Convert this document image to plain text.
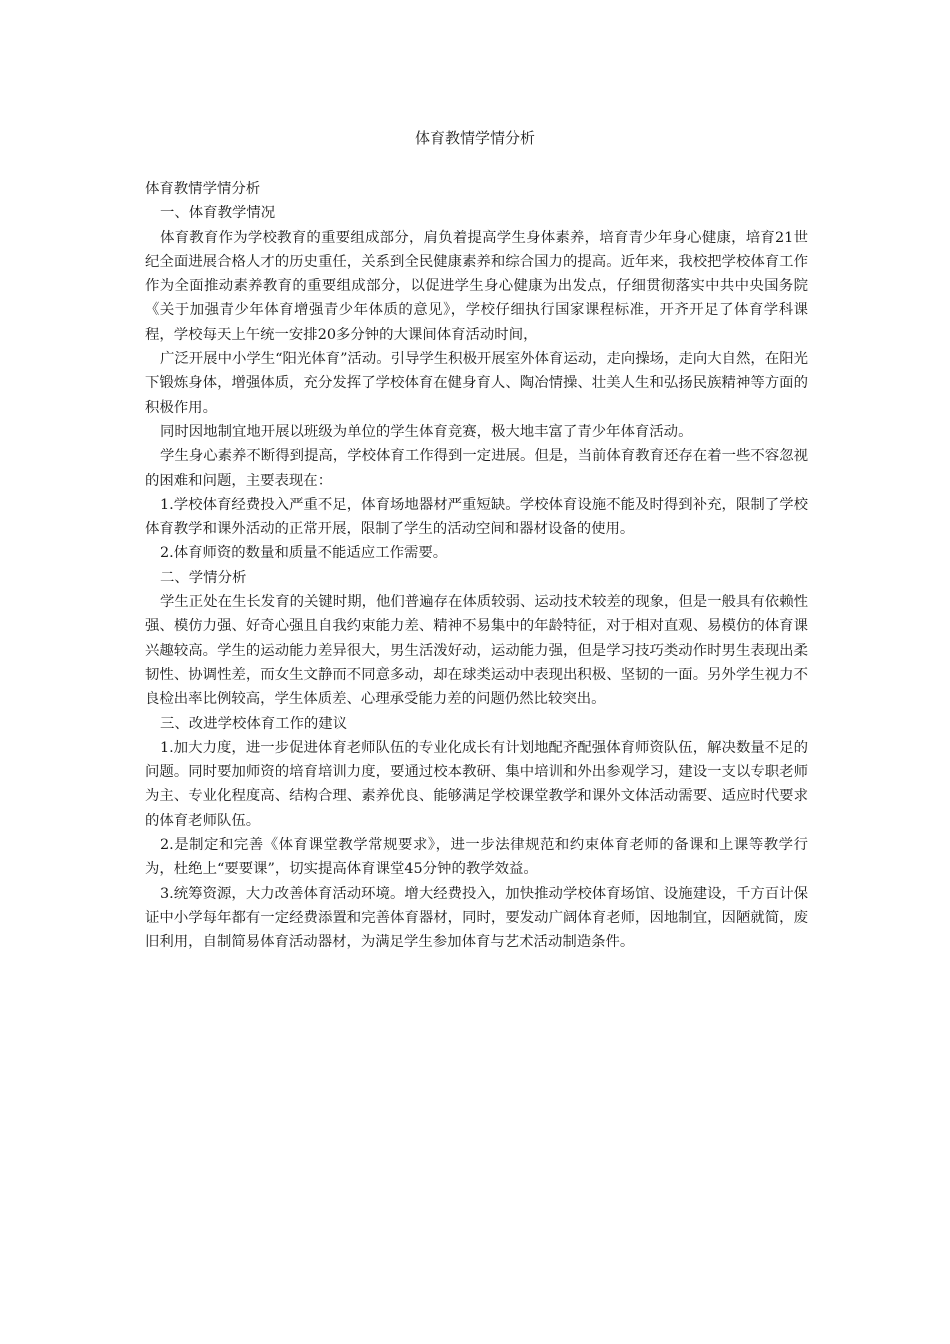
体育教情学情分析

体育教情学情分析

一、体育教学情况

体育教育作为学校教育的重要组成部分，肩负着提高学生身体素养，培育青少年身心健康，培育21世纪全面进展合格人才的历史重任，关系到全民健康素养和综合国力的提高。近年来，我校把学校体育工作作为全面推动素养教育的重要组成部分，以促进学生身心健康为出发点，仔细贯彻落实中共中央国务院《关于加强青少年体育增强青少年体质的意见》，学校仔细执行国家课程标准，开齐开足了体育学科课程，学校每天上午统一安排20多分钟的大课间体育活动时间，

广泛开展中小学生“阳光体育”活动。引导学生积极开展室外体育运动，走向操场，走向大自然，在阳光下锻炼身体，增强体质，充分发挥了学校体育在健身育人、陶冶情操、壮美人生和弘扬民族精神等方面的积极作用。

同时因地制宜地开展以班级为单位的学生体育竞赛，极大地丰富了青少年体育活动。

学生身心素养不断得到提高，学校体育工作得到一定进展。但是，当前体育教育还存在着一些不容忽视的困难和问题，主要表现在：

1.学校体育经费投入严重不足，体育场地器材严重短缺。学校体育设施不能及时得到补充，限制了学校体育教学和课外活动的正常开展，限制了学生的活动空间和器材设备的使用。

2.体育师资的数量和质量不能适应工作需要。

二、学情分析

学生正处在生长发育的关键时期，他们普遍存在体质较弱、运动技术较差的现象，但是一般具有依赖性强、模仿力强、好奇心强且自我约束能力差、精神不易集中的年龄特征，对于相对直观、易模仿的体育课兴趣较高。学生的运动能力差异很大，男生活泼好动，运动能力强，但是学习技巧类动作时男生表现出柔韧性、协调性差，而女生文静而不同意多动，却在球类运动中表现出积极、坚韧的一面。另外学生视力不良检出率比例较高，学生体质差、心理承受能力差的问题仍然比较突出。

三、改进学校体育工作的建议

1.加大力度，进一步促进体育老师队伍的专业化成长有计划地配齐配强体育师资队伍，解决数量不足的问题。同时要加师资的培育培训力度，要通过校本教研、集中培训和外出参观学习，建设一支以专职老师为主、专业化程度高、结构合理、素养优良、能够满足学校课堂教学和课外文体活动需要、适应时代要求的体育老师队伍。

2.是制定和完善《体育课堂教学常规要求》，进一步法律规范和约束体育老师的备课和上课等教学行为，杜绝上“要要课”，切实提高体育课堂45分钟的教学效益。

3.统筹资源，大力改善体育活动环境。增大经费投入，加快推动学校体育场馆、设施建设，千方百计保证中小学每年都有一定经费添置和完善体育器材，同时，要发动广阔体育老师，因地制宜，因陋就简，废旧利用，自制简易体育活动器材，为满足学生参加体育与艺术活动制造条件。
